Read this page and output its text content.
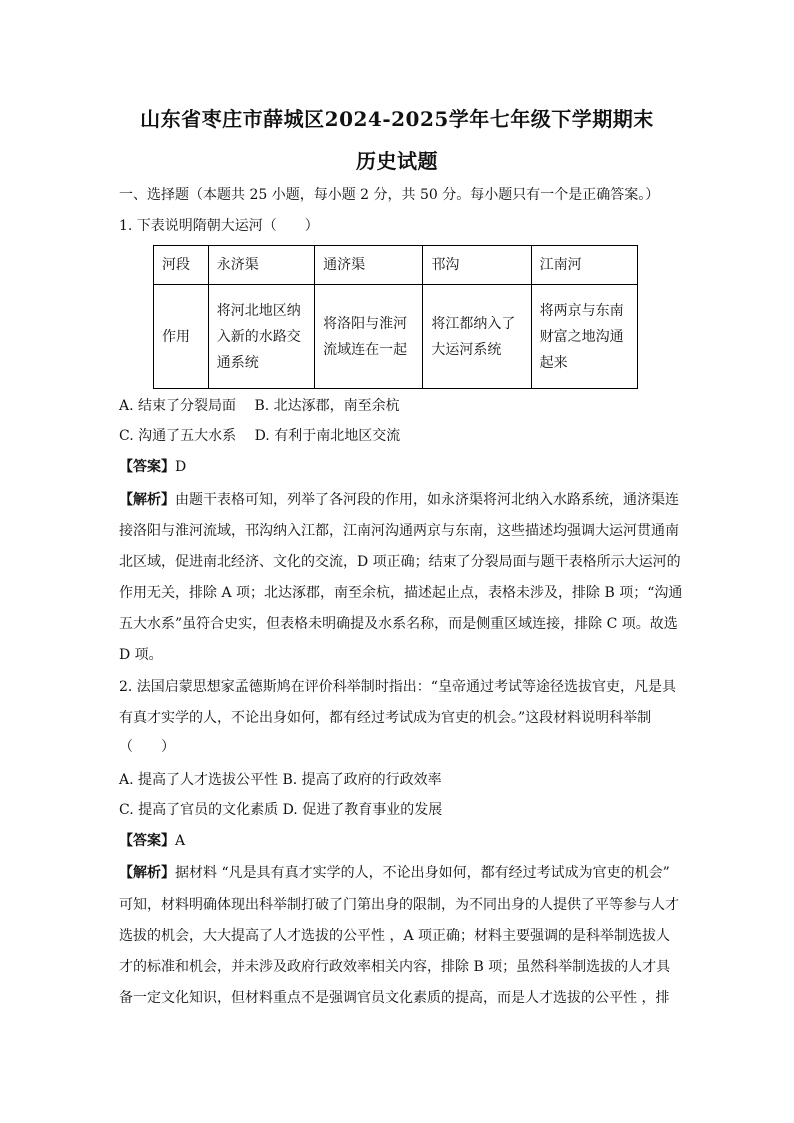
山东省枣庄市薛城区2024-2025学年七年级下学期期末
历史试题
一、选择题（本题共 25 小题，每小题 2 分，共 50 分。每小题只有一个是正确答案。）
1. 下表说明隋朝大运河（　　）
河段	永济渠	通济渠	邗沟	江南河
作用	将河北地区纳入新的水路交通系统	将洛阳与淮河流域连在一起	将江都纳入了大运河系统	将两京与东南财富之地沟通起来
A. 结束了分裂局面　 B. 北达涿郡，南至余杭
C. 沟通了五大水系　 D. 有利于南北地区交流
【答案】D
【解析】由题干表格可知，列举了各河段的作用，如永济渠将河北纳入水路系统，通济渠连
接洛阳与淮河流域，邗沟纳入江都，江南河沟通两京与东南，这些描述均强调大运河贯通南
北区域，促进南北经济、文化的交流，D 项正确；结束了分裂局面与题干表格所示大运河的
作用无关，排除 A 项；北达涿郡，南至余杭，描述起止点，表格未涉及，排除 B 项；“沟通
五大水系”虽符合史实，但表格未明确提及水系名称，而是侧重区域连接，排除 C 项。故选
D 项。
2. 法国启蒙思想家孟德斯鸠在评价科举制时指出：“皇帝通过考试等途径选拔官吏，凡是具
有真才实学的人，不论出身如何，都有经过考试成为官吏的机会。”这段材料说明科举制
（　　）
A. 提高了人才选拔公平性 B. 提高了政府的行政效率
C. 提高了官员的文化素质 D. 促进了教育事业的发展
【答案】A
【解析】据材料 “凡是具有真才实学的人，不论出身如何，都有经过考试成为官吏的机会”
可知，材料明确体现出科举制打破了门第出身的限制，为不同出身的人提供了平等参与人才
选拔的机会，大大提高了人才选拔的公平性 ，A 项正确；材料主要强调的是科举制选拔人
才的标准和机会，并未涉及政府行政效率相关内容，排除 B 项；虽然科举制选拔的人才具
备一定文化知识，但材料重点不是强调官员文化素质的提高，而是人才选拔的公平性 ，排
